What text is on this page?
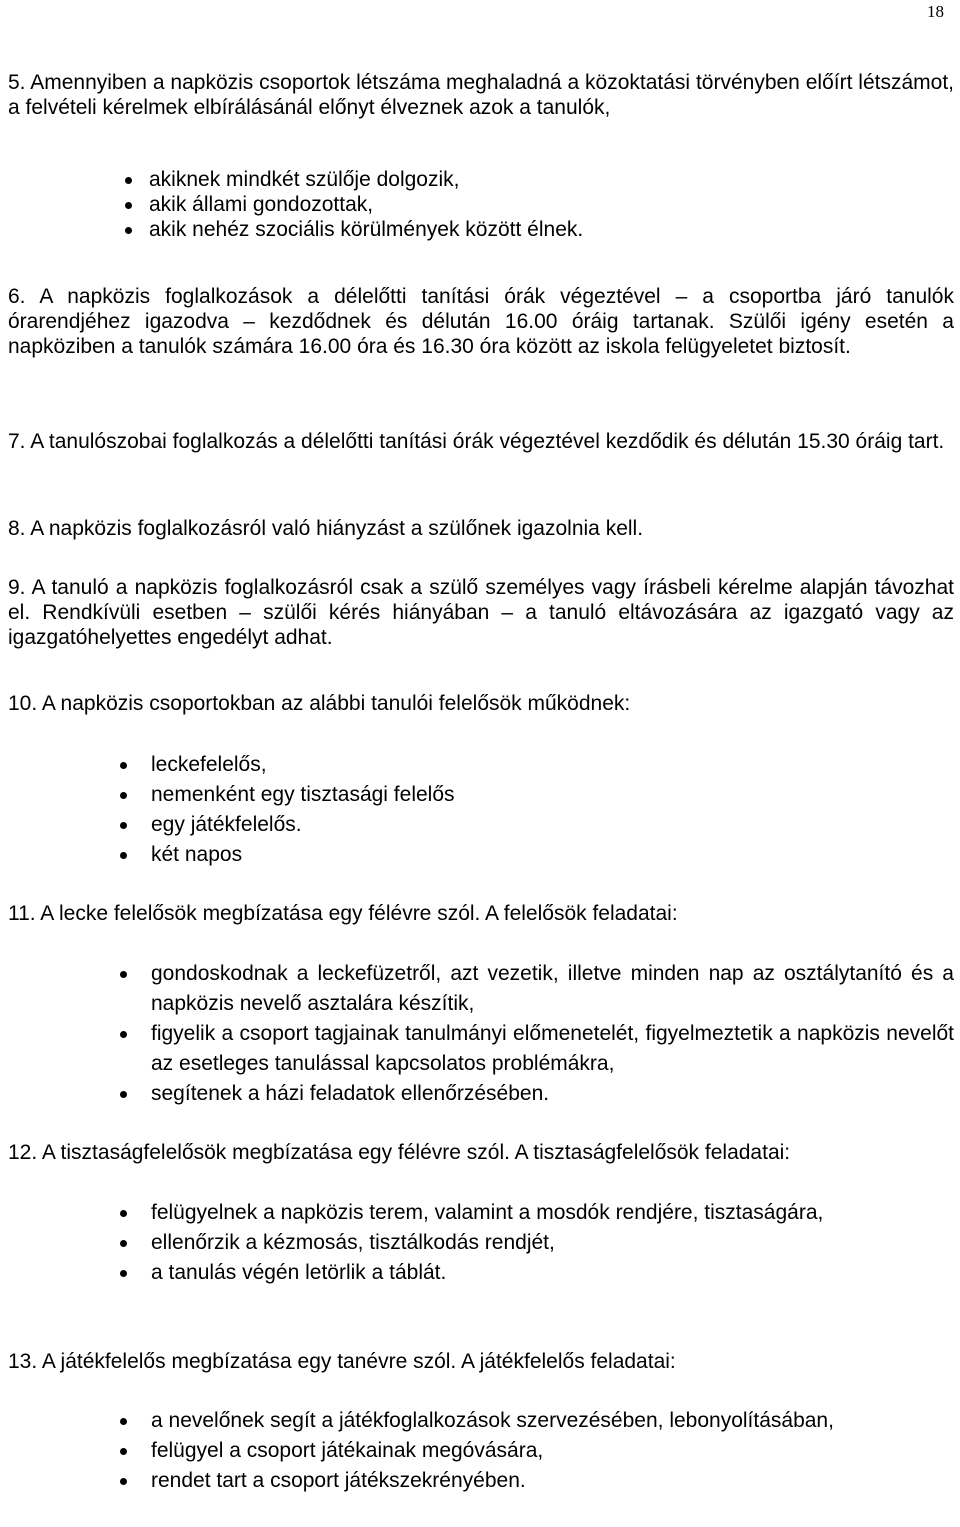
18

5. Amennyiben a napközis csoportok létszáma meghaladná a közoktatási törvényben előírt létszámot, a felvételi kérelmek elbírálásánál előnyt élveznek azok a tanulók,

akiknek mindkét szülője dolgozik,
akik állami gondozottak,
akik nehéz szociális körülmények között élnek.

6. A napközis foglalkozások a délelőtti tanítási órák végeztével – a csoportba járó tanulók órarendjéhez igazodva – kezdődnek és délután 16.00 óráig tartanak. Szülői igény esetén a napköziben a tanulók számára 16.00 óra és 16.30 óra között az iskola felügyeletet biztosít.

7. A tanulószobai foglalkozás a délelőtti tanítási órák végeztével kezdődik és délután 15.30 óráig tart.

8. A napközis foglalkozásról való hiányzást a szülőnek igazolnia kell.

9. A tanuló a napközis foglalkozásról csak a szülő személyes vagy írásbeli kérelme alapján távozhat el. Rendkívüli esetben – szülői kérés hiányában – a tanuló eltávozására az igazgató vagy az igazgatóhelyettes engedélyt adhat.

10. A napközis csoportokban az alábbi tanulói felelősök működnek:

leckefelelős,
nemenként egy tisztasági felelős
egy játékfelelős.
két napos

11. A lecke felelősök megbízatása egy félévre szól. A felelősök feladatai:

gondoskodnak a leckefüzetről, azt vezetik, illetve minden nap az osztálytanító és a napközis nevelő asztalára készítik,
figyelik a csoport tagjainak tanulmányi előmenetelét, figyelmeztetik a napközis nevelőt az esetleges tanulással kapcsolatos problémákra,
segítenek a házi feladatok ellenőrzésében.

12. A tisztaságfelelősök megbízatása egy félévre szól. A tisztaságfelelősök feladatai:

felügyelnek a napközis terem, valamint a mosdók rendjére, tisztaságára,
ellenőrzik a kézmosás, tisztálkodás rendjét,
a tanulás végén letörlik a táblát.

13. A játékfelelős megbízatása egy tanévre szól. A játékfelelős feladatai:

a nevelőnek segít a játékfoglalkozások szervezésében, lebonyolításában,
felügyel a csoport játékainak megóvására,
rendet tart a csoport játékszekrényében.
